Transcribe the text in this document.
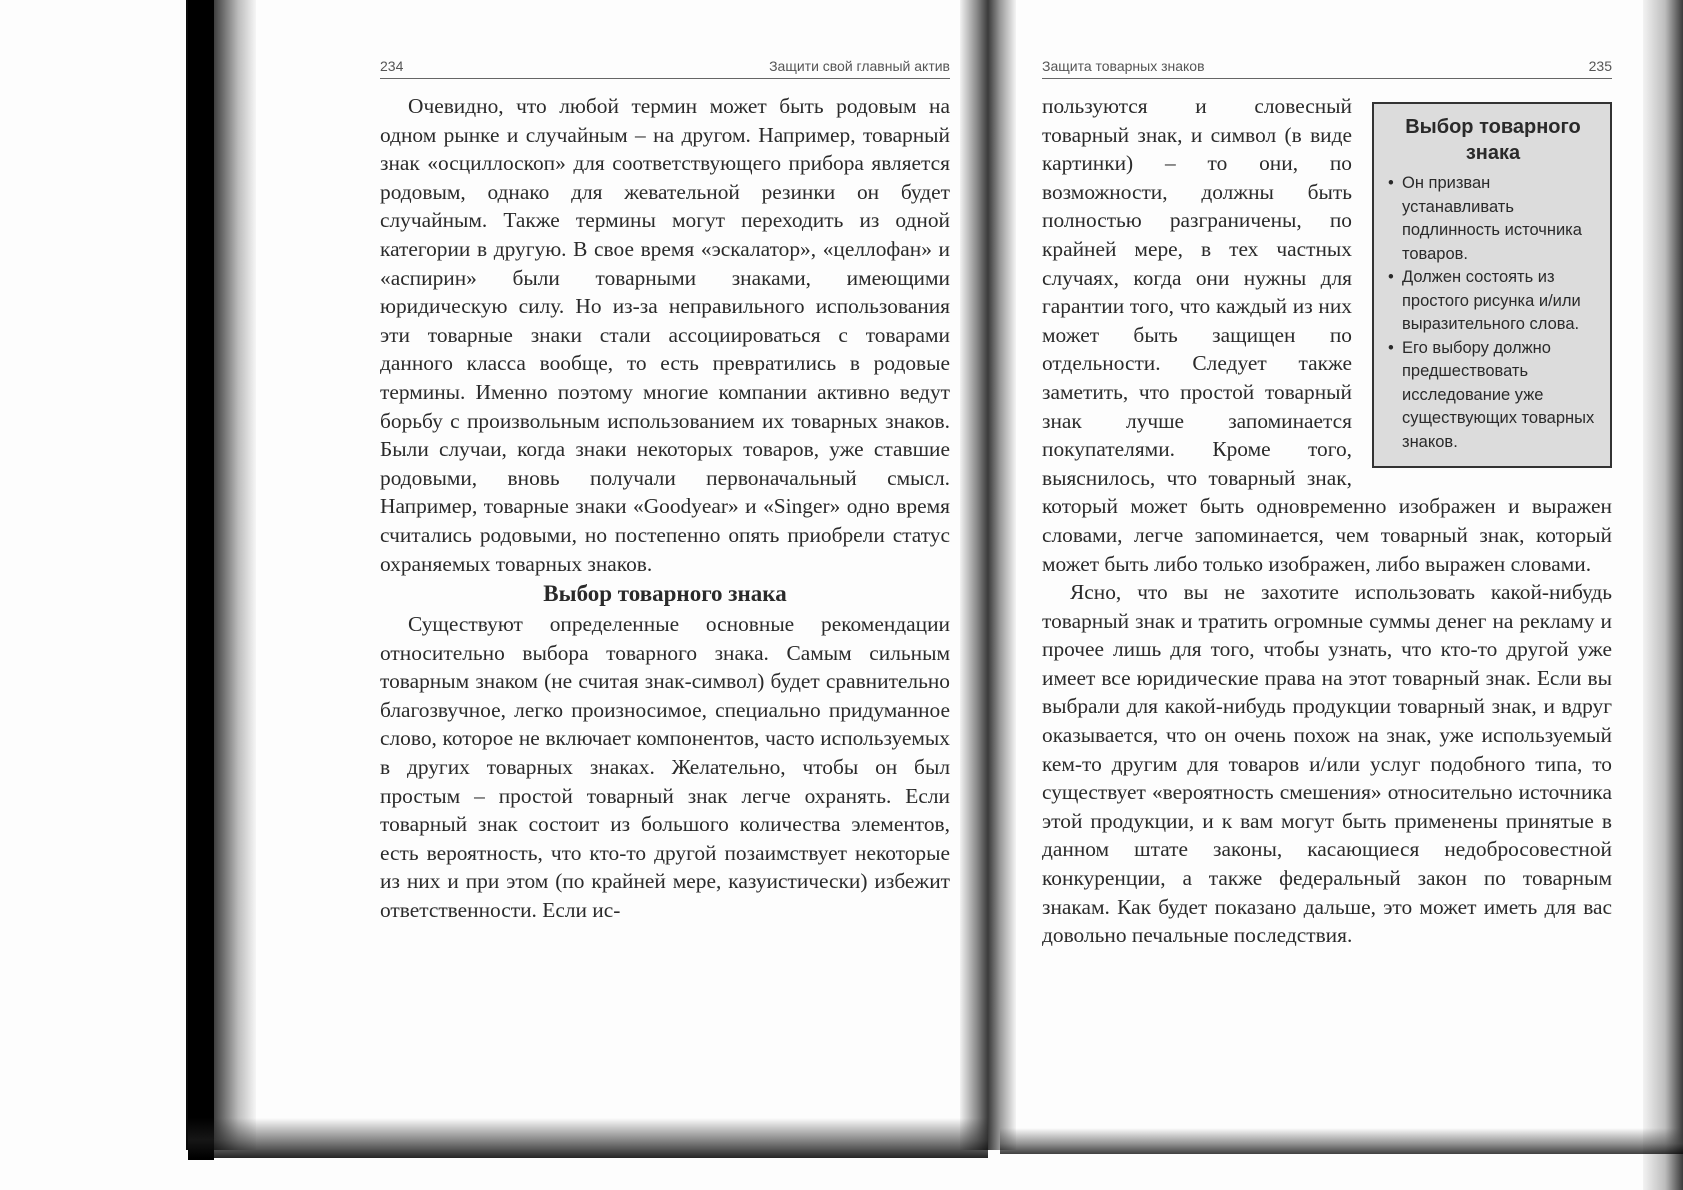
234	Защити свой главный актив

Очевидно, что любой термин может быть родовым на одном рынке и случайным – на другом. Например, товарный знак «осциллоскоп» для соответствующего прибора является родовым, однако для жевательной резинки он будет случайным. Также термины могут переходить из одной категории в другую. В свое время «эскалатор», «целлофан» и «аспирин» были товарными знаками, имеющими юридическую силу. Но из-за неправильного использования эти товарные знаки стали ассоциироваться с товарами данного класса вообще, то есть превратились в родовые термины. Именно поэтому многие компании активно ведут борьбу с произвольным использованием их товарных знаков. Были случаи, когда знаки некоторых товаров, уже ставшие родовыми, вновь получали первоначальный смысл. Например, товарные знаки «Goodyear» и «Singer» одно время считались родовыми, но постепенно опять приобрели статус охраняемых товарных знаков.

Выбор товарного знака

Существуют определенные основные рекомендации относительно выбора товарного знака. Самым сильным товарным знаком (не считая знак-символ) будет сравнительно благозвучное, легко произносимое, специально придуманное слово, которое не включает компонентов, часто используемых в других товарных знаках. Желательно, чтобы он был простым – простой товарный знак легче охранять. Если товарный знак состоит из большого количества элементов, есть вероятность, что кто-то другой позаимствует некоторые из них и при этом (по крайней мере, казуистически) избежит ответственности. Если ис-

Защита товарных знаков	235
Выбор товарного знака
• Он призван устанавливать подлинность источника товаров.
• Должен состоять из простого рисунка и/или выразительного слова.
• Его выбору должно предшествовать исследование уже существующих товарных знаков.

пользуются и словесный товарный знак, и символ (в виде картинки) – то они, по возможности, должны быть полностью разграничены, по крайней мере, в тех частных случаях, когда они нужны для гарантии того, что каждый из них может быть защищен по отдельности. Следует также заметить, что простой товарный знак лучше запоминается покупателями. Кроме того, выяснилось, что товарный знак, который может быть одновременно изображен и выражен словами, легче запоминается, чем товарный знак, который может быть либо только изображен, либо выражен словами.

Ясно, что вы не захотите использовать какой-нибудь товарный знак и тратить огромные суммы денег на рекламу и прочее лишь для того, чтобы узнать, что кто-то другой уже имеет все юридические права на этот товарный знак. Если вы выбрали для какой-нибудь продукции товарный знак, и вдруг оказывается, что он очень похож на знак, уже используемый кем-то другим для товаров и/или услуг подобного типа, то существует «вероятность смешения» относительно источника этой продукции, и к вам могут быть применены принятые в данном штате законы, касающиеся недобросовестной конкуренции, а также федеральный закон по товарным знакам. Как будет показано дальше, это может иметь для вас довольно печальные последствия.
